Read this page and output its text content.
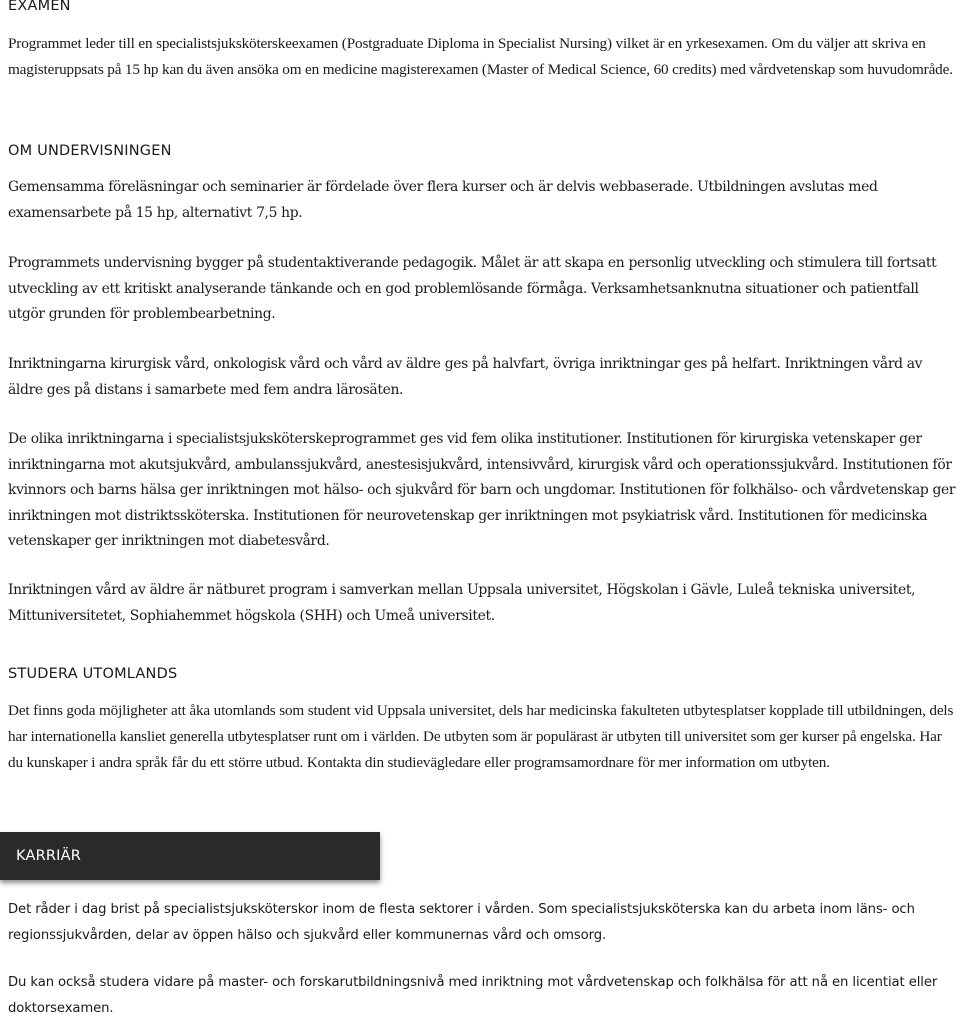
EXAMEN

Programmet leder till en specialistsjuksköterskeexamen (Postgraduate Diploma in Specialist Nursing) vilket är en yrkesexamen. Om du väljer att skriva en magisteruppsats på 15 hp kan du även ansöka om en medicine magisterexamen (Master of Medical Science, 60 credits) med vårdvetenskap som huvudområde.

OM UNDERVISNINGEN

Gemensamma föreläsningar och seminarier är fördelade över flera kurser och är delvis webbaserade. Utbildningen avslutas med examensarbete på 15 hp, alternativt 7,5 hp.

Programmets undervisning bygger på studentaktiverande pedagogik. Målet är att skapa en personlig utveckling och stimulera till fortsatt utveckling av ett kritiskt analyserande tänkande och en god problemlösande förmåga. Verksamhetsanknutna situationer och patientfall utgör grunden för problembearbetning.

Inriktningarna kirurgisk vård, onkologisk vård och vård av äldre ges på halvfart, övriga inriktningar ges på helfart. Inriktningen vård av äldre ges på distans i samarbete med fem andra lärosäten.

De olika inriktningarna i specialistsjuksköterskeprogrammet ges vid fem olika institutioner. Institutionen för kirurgiska vetenskaper ger inriktningarna mot akutsjukvård, ambulanssjukvård, anestesisjukvård, intensivvård, kirurgisk vård och operationssjukvård. Institutionen för kvinnors och barns hälsa ger inriktningen mot hälso- och sjukvård för barn och ungdomar. Institutionen för folkhälso- och vårdvetenskap ger inriktningen mot distriktssköterska. Institutionen för neurovetenskap ger inriktningen mot psykiatrisk vård. Institutionen för medicinska vetenskaper ger inriktningen mot diabetesvård.

Inriktningen vård av äldre är nätburet program i samverkan mellan Uppsala universitet, Högskolan i Gävle, Luleå tekniska universitet, Mittuniversitetet, Sophiahemmet högskola (SHH) och Umeå universitet.

STUDERA UTOMLANDS

Det finns goda möjligheter att åka utomlands som student vid Uppsala universitet, dels har medicinska fakulteten utbytesplatser kopplade till utbildningen, dels har internationella kansliet generella utbytesplatser runt om i världen. De utbyten som är populärast är utbyten till universitet som ger kurser på engelska. Har du kunskaper i andra språk får du ett större utbud. Kontakta din studievägledare eller programsamordnare för mer information om utbyten.

KARRIÄR

Det råder i dag brist på specialistsjuksköterskor inom de flesta sektorer i vården. Som specialistsjuksköterska kan du arbeta inom läns- och regionssjukvården, delar av öppen hälso och sjukvård eller kommunernas vård och omsorg.

Du kan också studera vidare på master- och forskarutbildningsnivå med inriktning mot vårdvetenskap och folkhälsa för att nå en licentiat eller doktorsexamen.
